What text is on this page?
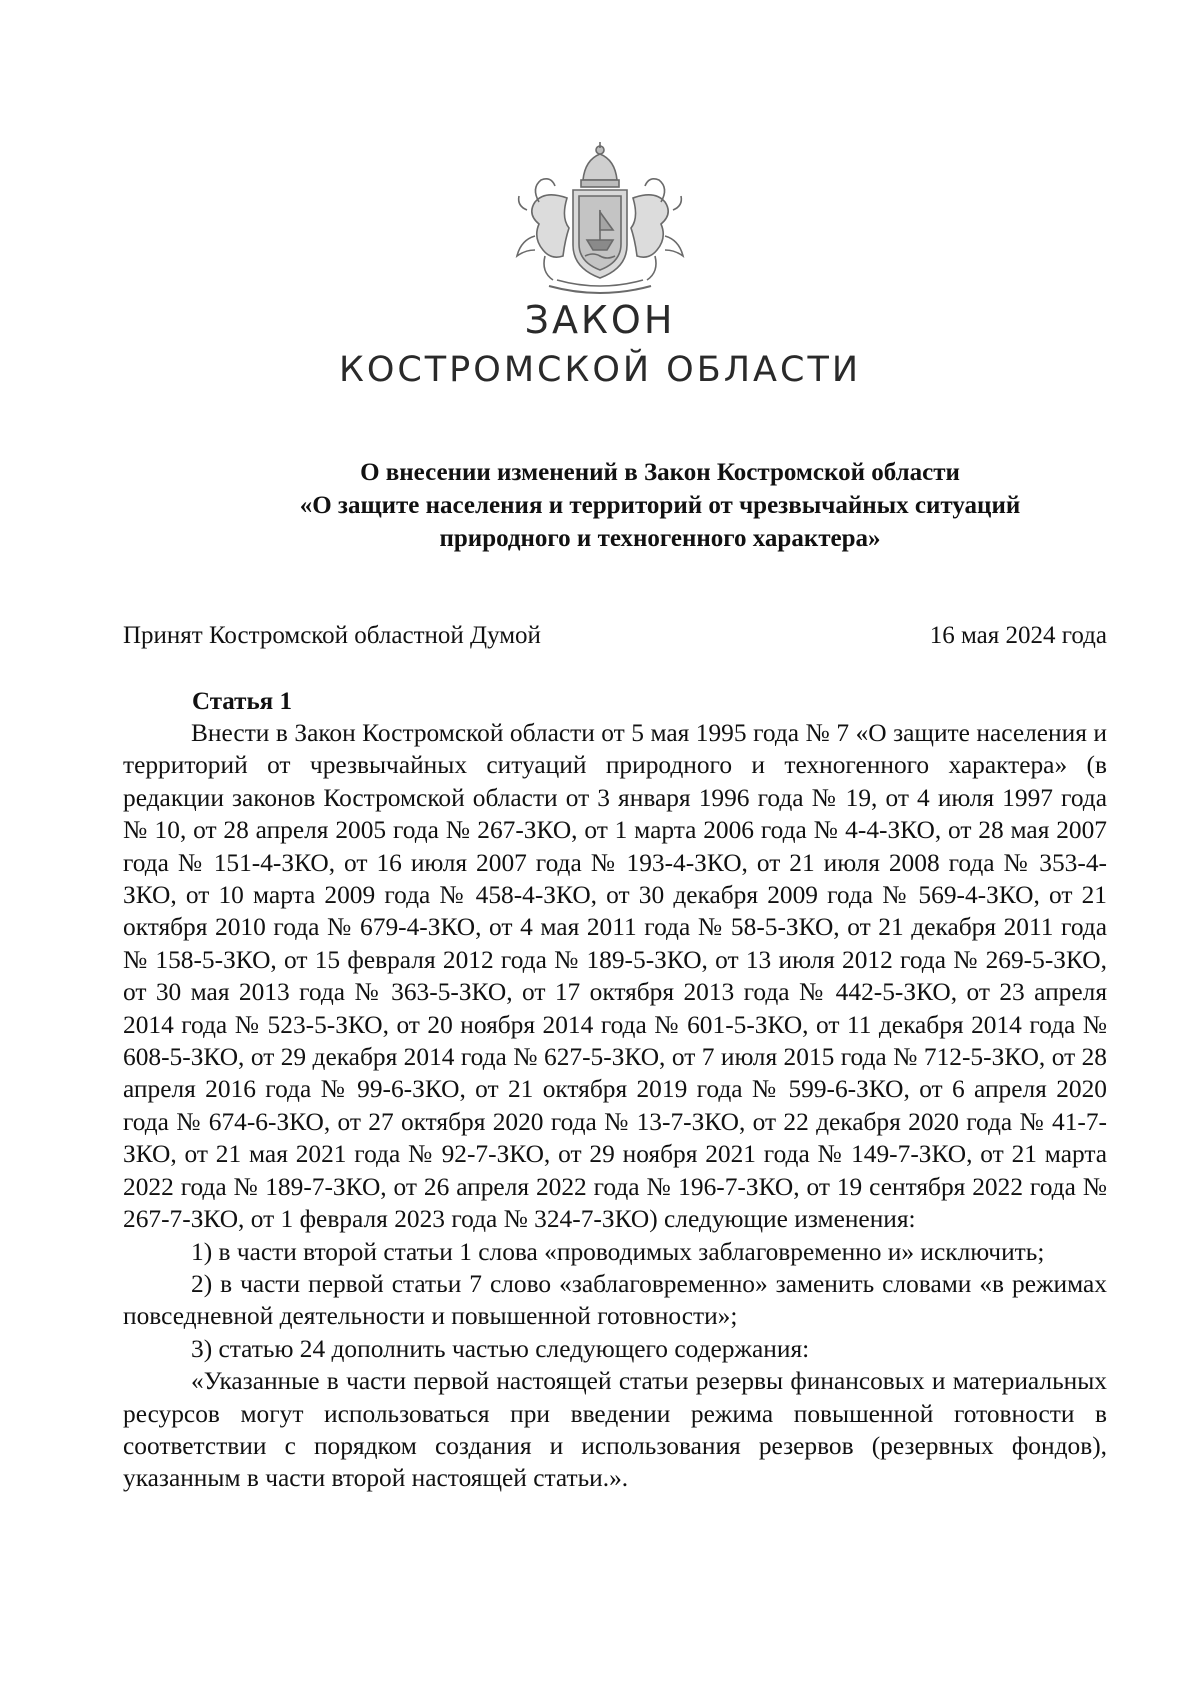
ЗАКОН
КОСТРОМСКОЙ ОБЛАСТИ
О внесении изменений в Закон Костромской области
«О защите населения и территорий от чрезвычайных ситуаций
природного и техногенного характера»
Принят Костромской областной Думой	16 мая 2024 года
Статья 1

Внести в Закон Костромской области от 5 мая 1995 года № 7 «О защите населения и территорий от чрезвычайных ситуаций природного и техногенного характера» (в редакции законов Костромской области от 3 января 1996 года № 19, от 4 июля 1997 года № 10, от 28 апреля 2005 года № 267-ЗКО, от 1 марта 2006 года № 4-4-ЗКО, от 28 мая 2007 года № 151-4-ЗКО, от 16 июля 2007 года № 193-4-ЗКО, от 21 июля 2008 года № 353-4-ЗКО, от 10 марта 2009 года № 458-4-ЗКО, от 30 декабря 2009 года № 569-4-ЗКО, от 21 октября 2010 года № 679-4-ЗКО, от 4 мая 2011 года № 58-5-ЗКО, от 21 декабря 2011 года № 158-5-ЗКО, от 15 февраля 2012 года № 189-5-ЗКО, от 13 июля 2012 года № 269-5-ЗКО, от 30 мая 2013 года № 363-5-ЗКО, от 17 октября 2013 года № 442-5-ЗКО, от 23 апреля 2014 года № 523-5-ЗКО, от 20 ноября 2014 года № 601-5-ЗКО, от 11 декабря 2014 года № 608-5-ЗКО, от 29 декабря 2014 года № 627-5-ЗКО, от 7 июля 2015 года № 712-5-ЗКО, от 28 апреля 2016 года № 99-6-ЗКО, от 21 октября 2019 года № 599-6-ЗКО, от 6 апреля 2020 года № 674-6-ЗКО, от 27 октября 2020 года № 13-7-ЗКО, от 22 декабря 2020 года № 41-7-ЗКО, от 21 мая 2021 года № 92-7-ЗКО, от 29 ноября 2021 года № 149-7-ЗКО, от 21 марта 2022 года № 189-7-ЗКО, от 26 апреля 2022 года № 196-7-ЗКО, от 19 сентября 2022 года № 267-7-ЗКО, от 1 февраля 2023 года № 324-7-ЗКО) следующие изменения:

1) в части второй статьи 1 слова «проводимых заблаговременно и» исключить;

2) в части первой статьи 7 слово «заблаговременно» заменить словами «в режимах повседневной деятельности и повышенной готовности»;

3) статью 24 дополнить частью следующего содержания:

«Указанные в части первой настоящей статьи резервы финансовых и материальных ресурсов могут использоваться при введении режима повышенной готовности в соответствии с порядком создания и использования резервов (резервных фондов), указанным в части второй настоящей статьи.».
